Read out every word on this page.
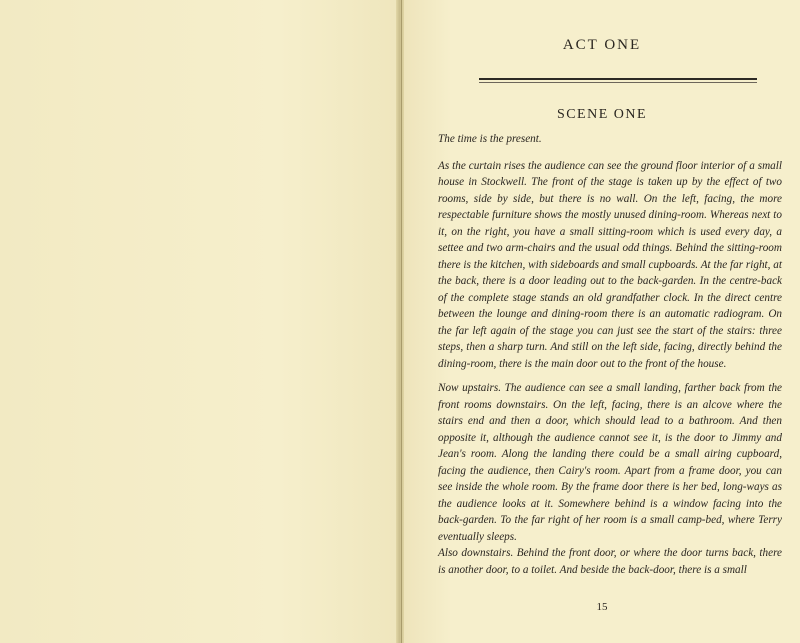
ACT ONE
SCENE ONE

The time is the present.

As the curtain rises the audience can see the ground floor interior of a small house in Stockwell. The front of the stage is taken up by the effect of two rooms, side by side, but there is no wall. On the left, facing, the more respectable furniture shows the mostly unused dining-room. Whereas next to it, on the right, you have a small sitting-room which is used every day, a settee and two arm-chairs and the usual odd things. Behind the sitting-room there is the kitchen, with sideboards and small cupboards. At the far right, at the back, there is a door leading out to the back-garden. In the centre-back of the complete stage stands an old grandfather clock. In the direct centre between the lounge and dining-room there is an automatic radiogram. On the far left again of the stage you can just see the start of the stairs: three steps, then a sharp turn. And still on the left side, facing, directly behind the dining-room, there is the main door out to the front of the house.

Now upstairs. The audience can see a small landing, farther back from the front rooms downstairs. On the left, facing, there is an alcove where the stairs end and then a door, which should lead to a bathroom. And then opposite it, although the audience cannot see it, is the door to Jimmy and Jean's room. Along the landing there could be a small airing cupboard, facing the audience, then Cairy's room. Apart from a frame door, you can see inside the whole room. By the frame door there is her bed, long-ways as the audience looks at it. Somewhere behind is a window facing into the back-garden. To the far right of her room is a small camp-bed, where Terry eventually sleeps.

Also downstairs. Behind the front door, or where the door turns back, there is another door, to a toilet. And beside the back-door, there is a small

15
